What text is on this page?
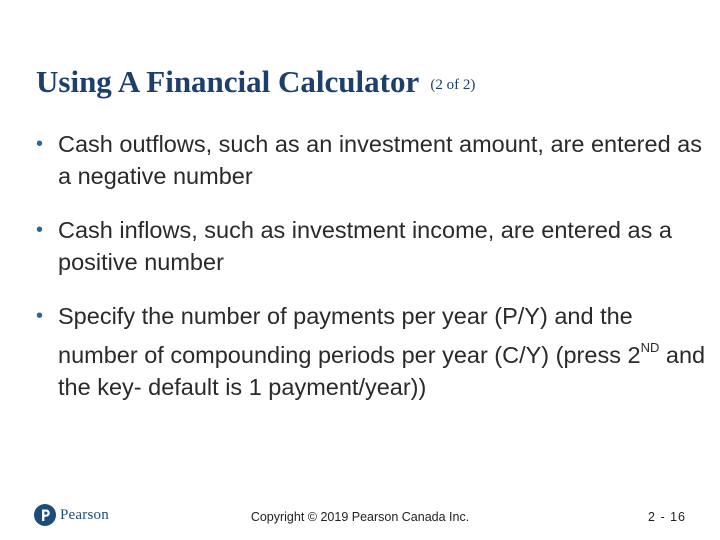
Using A Financial Calculator $^{(2 of 2)}$
• Cash outflows, such as an investment amount, are entered as a negative number
• Cash inflows, such as investment income, are entered as a positive number
• Specify the number of payments per year (P/Y) and the number of compounding periods per year (C/Y) (press 2ND and the key- default is 1 payment/year))
Pearson	Copyright © 2019 Pearson Canada Inc.	2 - 16
